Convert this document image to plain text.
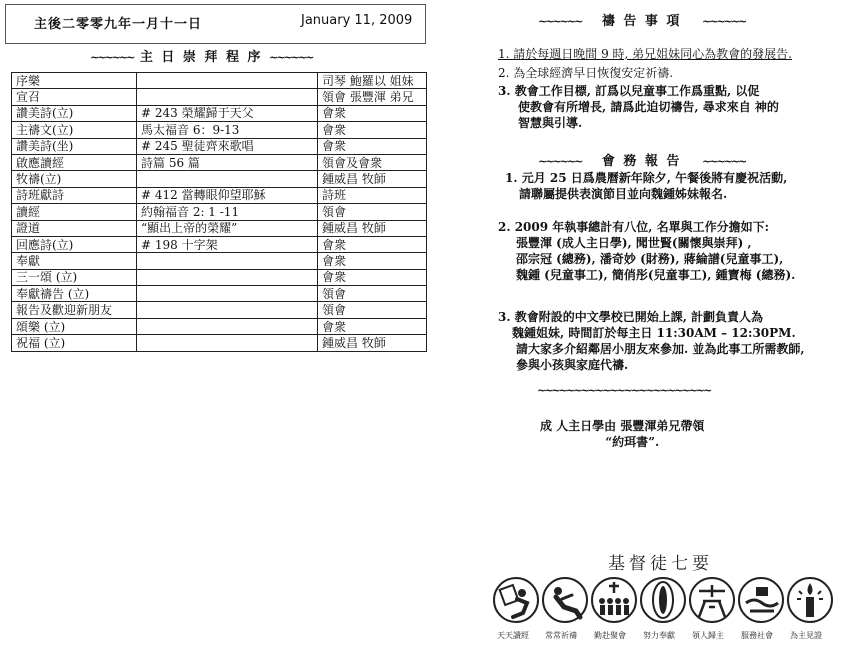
主後二零零九年一月十一日	January 11, 2009
~~~~~~ 主 日 崇 拜 程 序 ~~~~~~
序樂		司琴 鮑羅以 姐妹
宣召		領會 張豐渾 弟兄
讚美詩(立)	# 243 榮耀歸于天父	會衆
主禱文(立)	馬太福音 6：9-13	會衆
讚美詩(坐)	# 245 聖徒齊來歌唱	會衆
啟應讀經	詩篇 56 篇	領會及會衆
牧禱(立)		鍾威昌 牧師
詩班獻詩	# 412 當轉眼仰望耶穌	詩班
讀經	約翰福音 2: 1 -11	領會
證道	“顯出上帝的榮耀”	鍾威昌 牧師
回應詩(立)	# 198 十字架	會衆
奉獻		會衆
三一頌 (立)		會衆
奉獻禱告 (立)		領會
報告及歡迎新朋友		領會
頌樂 (立)		會衆
祝福 (立)		鍾威昌 牧師
~~~~~~ 禱 告 事 項 ~~~~~~
1. 請於每週日晚間 9 時, 弟兄姐妹同心為教會的發展告.
2. 為全球經濟早日恢復安定祈禱.
3. 教會工作目標, 訂爲以兒童事工作爲重點, 以促
使教會有所增長, 請爲此迫切禱告, 尋求來自 神的
智慧與引導.
~~~~~~ 會 務 報 告 ~~~~~~
1. 元月 25 日爲農曆新年除夕, 午餐後將有慶祝活動,
請聯屬提供表演節目並向魏鍾姊妹報名.
2. 2009 年執事總計有八位, 名單與工作分擔如下:
張豐渾 (成人主日學), 聞世賢(關懷與崇拜) ,
邵宗冠 (總務), 潘奇妙 (財務), 蔣綸譜(兒童事工),
魏鍾 (兒童事工), 簡俏彤(兒童事工), 鍾寶梅 (總務).
3. 教會附設的中文學校已開始上課, 計劃負責人為
魏鍾姐妹, 時間訂於每主日 11:30AM – 12:30PM.
請大家多介紹鄰居小朋友來參加. 並為此事工所需教師,
參與小孩與家庭代禱.
~~~~~~~~~~~~~~~~~~~~~~~~
成 人主日學由 張豐渾弟兄帶領
“約珥書”.
基督徒七要
天天讀經 常常祈禱 勤赴聚會 努力奉獻 領人歸主 服務社會 為主見證
